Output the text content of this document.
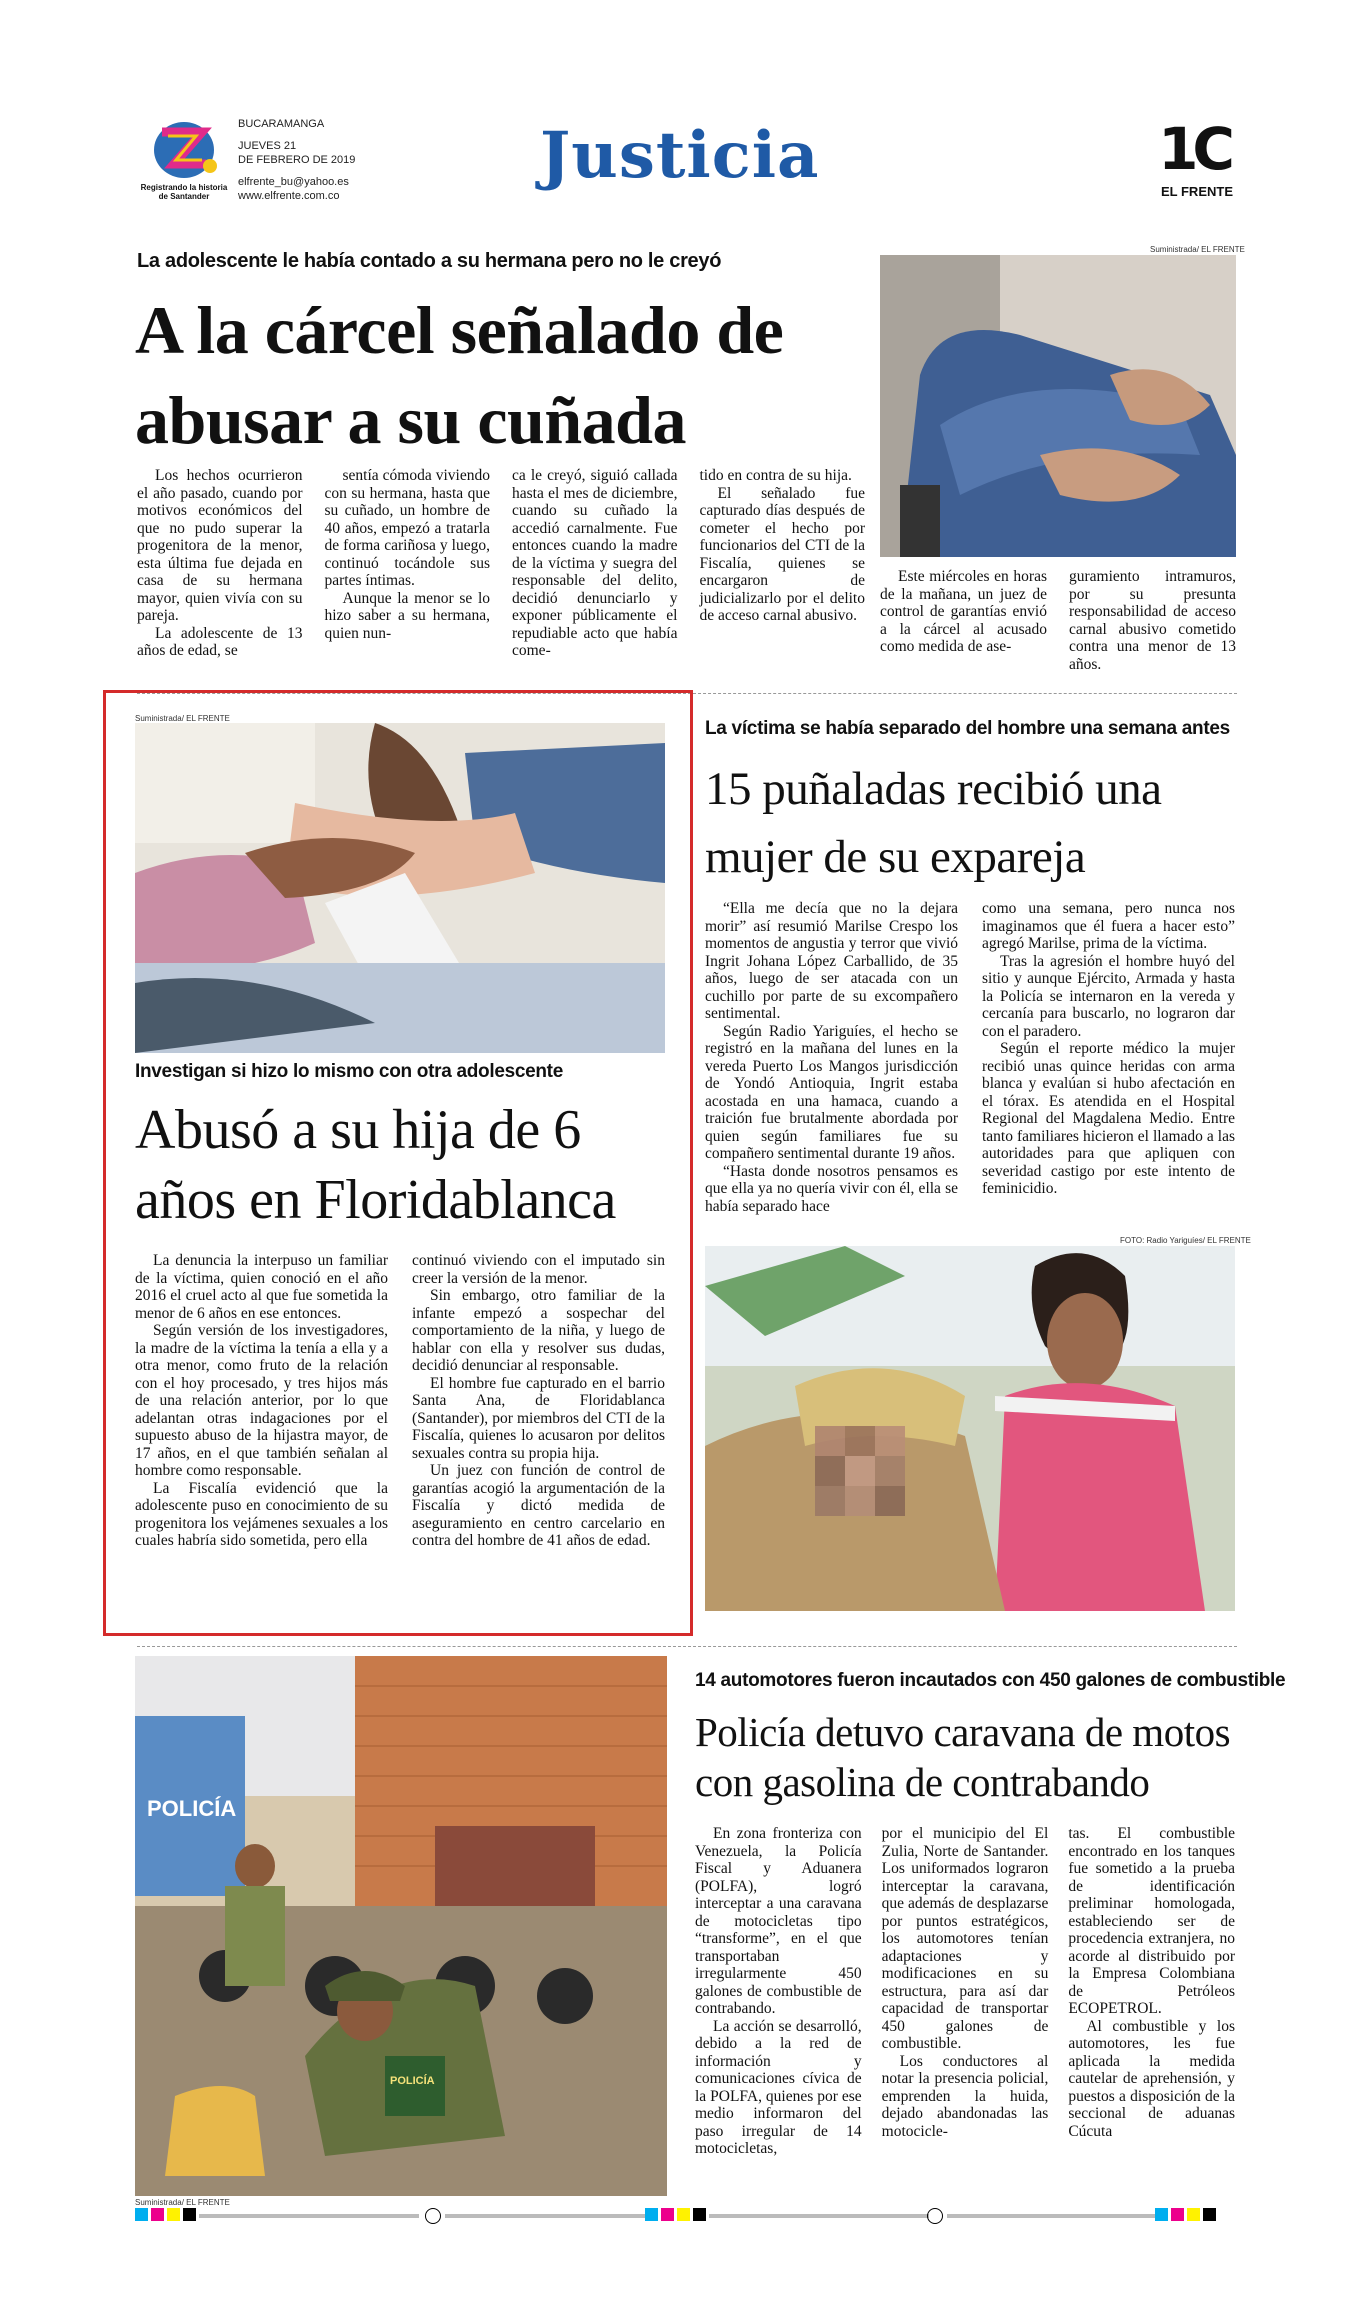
Registrando la historia de Santander
BUCARAMANGA
JUEVES 21
DE FEBRERO DE 2019
elfrente_bu@yahoo.es
www.elfrente.com.co
Justicia	1C
EL FRENTE
La adolescente le había contado a su hermana pero no le creyó
A la cárcel señalado de abusar a su cuñada

Los hechos ocurrieron el año pasado, cuando por motivos económicos del que no pudo superar la progenitora de la menor, esta última fue dejada en casa de su hermana mayor, quien vivía con su pareja.

La adolescente de 13 años de edad, se

sentía cómoda viviendo con su hermana, hasta que su cuñado, un hombre de 40 años, empezó a tratarla de forma cariñosa y luego, continuó tocándole sus partes íntimas.

Aunque la menor se lo hizo saber a su hermana, quien nun-

ca le creyó, siguió callada hasta el mes de diciembre, cuando su cuñado la accedió carnalmente. Fue entonces cuando la madre de la víctima y suegra del responsable del delito, decidió denunciarlo y exponer públicamente el repudiable acto que había come-

tido en contra de su hija.

El señalado fue capturado días después de cometer el hecho por funcionarios del CTI de la Fiscalía, quienes se encargaron de judicializarlo por el delito de acceso carnal abusivo.

Suministrada/ EL FRENTE

Este miércoles en horas de la mañana, un juez de control de garantías envió a la cárcel al acusado como medida de ase-

guramiento intramuros, por su presunta responsabilidad de acceso carnal abusivo cometido contra una menor de 13 años.

Suministrada/ EL FRENTE
Investigan si hizo lo mismo con otra adolescente
Abusó a su hija de 6 años en Floridablanca

La denuncia la interpuso un familiar de la víctima, quien conoció en el año 2016 el cruel acto al que fue sometida la menor de 6 años en ese entonces.

Según versión de los investigadores, la madre de la víctima la tenía a ella y a otra menor, como fruto de la relación con el hoy procesado, y tres hijos más de una relación anterior, por lo que adelantan otras indagaciones por el supuesto abuso de la hijastra mayor, de 17 años, en el que también señalan al hombre como responsable.

La Fiscalía evidenció que la adolescente puso en conocimiento de su progenitora los vejámenes sexuales a los cuales habría sido sometida, pero ella

continuó viviendo con el imputado sin creer la versión de la menor.

Sin embargo, otro familiar de la infante empezó a sospechar del comportamiento de la niña, y luego de hablar con ella y resolver sus dudas, decidió denunciar al responsable.

El hombre fue capturado en el barrio Santa Ana, de Floridablanca (Santander), por miembros del CTI de la Fiscalía, quienes lo acusaron por delitos sexuales contra su propia hija.

Un juez con función de control de garantías acogió la argumentación de la Fiscalía y dictó medida de aseguramiento en centro carcelario en contra del hombre de 41 años de edad.

La víctima se había separado del hombre una semana antes
15 puñaladas recibió una mujer de su expareja

“Ella me decía que no la dejara morir” así resumió Marilse Crespo los momentos de angustia y terror que vivió Ingrit Johana López Carballido, de 35 años, luego de ser atacada con un cuchillo por parte de su excompañero sentimental.

Según Radio Yariguíes, el hecho se registró en la mañana del lunes en la vereda Puerto Los Mangos jurisdicción de Yondó Antioquia, Ingrit estaba acostada en una hamaca, cuando a traición fue brutalmente abordada por quien según familiares fue su compañero sentimental durante 19 años.

“Hasta donde nosotros pensamos es que ella ya no quería vivir con él, ella se había separado hace

como una semana, pero nunca nos imaginamos que él fuera a hacer esto” agregó Marilse, prima de la víctima.

Tras la agresión el hombre huyó del sitio y aunque Ejército, Armada y hasta la Policía se internaron en la vereda y cercanía para buscarlo, no lograron dar con el paradero.

Según el reporte médico la mujer recibió unas quince heridas con arma blanca y evalúan si hubo afectación en el tórax. Es atendida en el Hospital Regional del Magdalena Medio. Entre tanto familiares hicieron el llamado a las autoridades para que apliquen con severidad castigo por este intento de feminicidio.

FOTO: Radio Yariguíes/ EL FRENTE
POLICÍA
POLICÍA
Suministrada/ EL FRENTE
14 automotores fueron incautados con 450 galones de combustible
Policía detuvo caravana de motos con gasolina de contrabando

En zona fronteriza con Venezuela, la Policía Fiscal y Aduanera (POLFA), logró interceptar a una caravana de motocicletas tipo “transforme”, en el que transportaban irregularmente 450 galones de combustible de contrabando.

La acción se desarrolló, debido a la red de información y comunicaciones cívica de la POLFA, quienes por ese medio informaron del paso irregular de 14 motocicletas,

por el municipio del El Zulia, Norte de Santander. Los uniformados lograron interceptar la caravana, que además de desplazarse por puntos estratégicos, los automotores tenían adaptaciones y modificaciones en su estructura, para así dar capacidad de transportar 450 galones de combustible.

Los conductores al notar la presencia policial, emprenden la huida, dejado abandonadas las motocicle-

tas. El combustible encontrado en los tanques fue sometido a la prueba de identificación preliminar homologada, estableciendo ser de procedencia extranjera, no acorde al distribuido por la Empresa Colombiana de Petróleos ECOPETROL.

Al combustible y los automotores, les fue aplicada la medida cautelar de aprehensión, y puestos a disposición de la seccional de aduanas Cúcuta
